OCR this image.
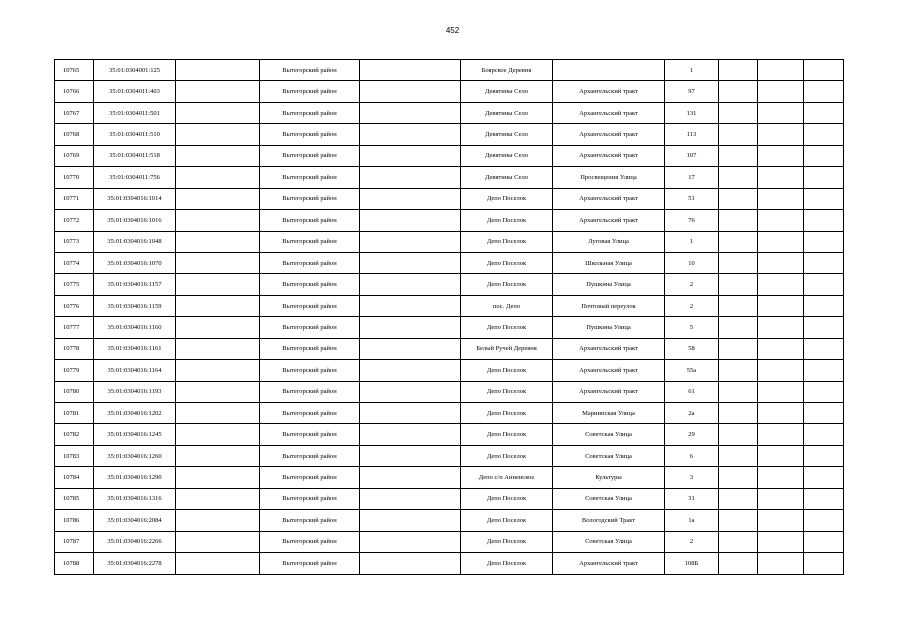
452
10765	35:01:0304001:125		Вытегорский район		Боярское Деревня		1			
10766	35:01:0304011:403		Вытегорский район		Девятины Село	Архангельский тракт	97			
10767	35:01:0304011:501		Вытегорский район		Девятины Село	Архангельский тракт	131			
10768	35:01:0304011:510		Вытегорский район		Девятины Село	Архангельский тракт	113			
10769	35:01:0304011:518		Вытегорский район		Девятины Село	Архангельский тракт	107			
10770	35:01:0304011:756		Вытегорский район		Девятины Село	Просвещения Улица	17			
10771	35:01:0304016:1014		Вытегорский район		Депо Поселок	Архангельский тракт	51			
10772	35:01:0304016:1016		Вытегорский район		Депо Поселок	Архангельский тракт	76			
10773	35:01:0304016:1048		Вытегорский район		Депо Поселок	Луговая Улица	1			
10774	35:01:0304016:1070		Вытегорский район		Депо Поселок	Школьная Улица	10			
10775	35:01:0304016:1157		Вытегорский район		Депо Поселок	Пушкина Улица	2			
10776	35:01:0304016:1159		Вытегорский район		пос. Депо	Почтовый переулок	2			
10777	35:01:0304016:1160		Вытегорский район		Депо Поселок	Пушкина Улица	5			
10778	35:01:0304016:1161		Вытегорский район		Белый Ручей Деревня	Архангельский тракт	58			
10779	35:01:0304016:1164		Вытегорский район		Депо Поселок	Архангельский тракт	55а			
10780	35:01:0304016:1193		Вытегорский район		Депо Поселок	Архангельский тракт	61			
10781	35:01:0304016:1202		Вытегорский район		Депо Поселок	Мариинская Улица	2а			
10782	35:01:0304016:1245		Вытегорский район		Депо Поселок	Советская Улица	29			
10783	35:01:0304016:1260		Вытегорский район		Депо Поселок	Советская Улица	6			
10784	35:01:0304016:1290		Вытегорский район		Депо с/п Анненское	Культуры	3			
10785	35:01:0304016:1316		Вытегорский район		Депо Поселок	Советская Улица	31			
10786	35:01:0304016:2084		Вытегорский район		Депо Поселок	Вологодский Тракт	1а			
10787	35:01:0304016:2266		Вытегорский район		Депо Поселок	Советская Улица	2			
10788	35:01:0304016:2278		Вытегорский район		Депо Поселок	Архангельский тракт	108Б			
